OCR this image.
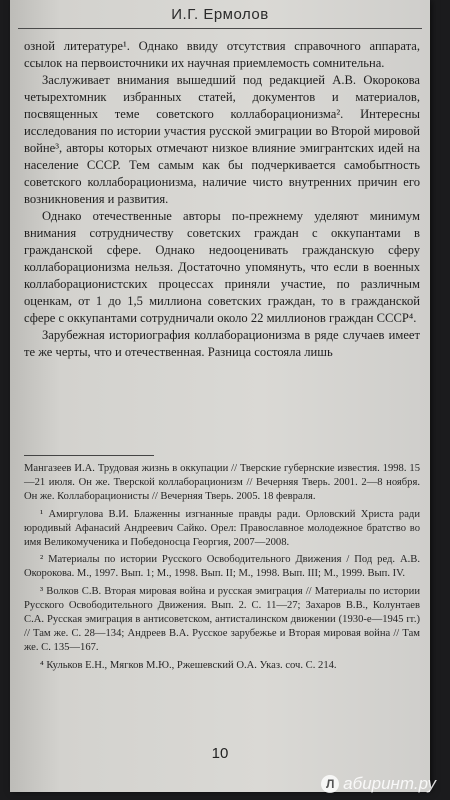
И.Г. Ермолов

озной литературе¹. Однако ввиду отсутствия справочного аппарата, ссылок на первоисточники их научная приемлемость сомнительна.

Заслуживает внимания вышедший под редакцией А.В. Окорокова четырехтомник избранных статей, документов и материалов, посвященных теме советского коллаборационизма². Интересны исследования по истории участия русской эмиграции во Второй мировой войне³, авторы которых отмечают низкое влияние эмигрантских идей на население СССР. Тем самым как бы подчеркивается самобытность советского коллаборационизма, наличие чисто внутренних причин его возникновения и развития.

Однако отечественные авторы по-прежнему уделяют минимум внимания сотрудничеству советских граждан с оккупантами в гражданской сфере. Однако недооценивать гражданскую сферу коллаборационизма нельзя. Достаточно упомянуть, что если в военных коллаборационистских процессах приняли участие, по различным оценкам, от 1 до 1,5 миллиона советских граждан, то в гражданской сфере с оккупантами сотрудничали около 22 миллионов граждан СССР⁴.

Зарубежная историография коллаборационизма в ряде случаев имеет те же черты, что и отечественная. Разница состояла лишь

Мангазеев И.А. Трудовая жизнь в оккупации // Тверские губернские известия. 1998. 15—21 июля. Он же. Тверской коллаборационизм // Вечерняя Тверь. 2001. 2—8 ноября. Он же. Коллаборационисты // Вечерняя Тверь. 2005. 18 февраля.

¹ Амиргулова В.И. Блаженны изгнанные правды ради. Орловский Христа ради юродивый Афанасий Андреевич Сайко. Орел: Православное молодежное братство во имя Великомученика и Победоносца Георгия, 2007—2008.

² Материалы по истории Русского Освободительного Движения / Под ред. А.В. Окорокова. М., 1997. Вып. 1; М., 1998. Вып. II; М., 1998. Вып. III; М., 1999. Вып. IV.

³ Волков С.В. Вторая мировая война и русская эмиграция // Материалы по истории Русского Освободительного Движения. Вып. 2. С. 11—27; Захаров В.В., Колунтаев С.А. Русская эмиграция в антисоветском, антисталинском движении (1930-е—1945 гг.) // Там же. С. 28—134; Андреев В.А. Русское зарубежье и Вторая мировая война // Там же. С. 135—167.

⁴ Кульков Е.Н., Мягков М.Ю., Ржешевский О.А. Указ. соч. С. 214.

10
Л абиринт.ру
